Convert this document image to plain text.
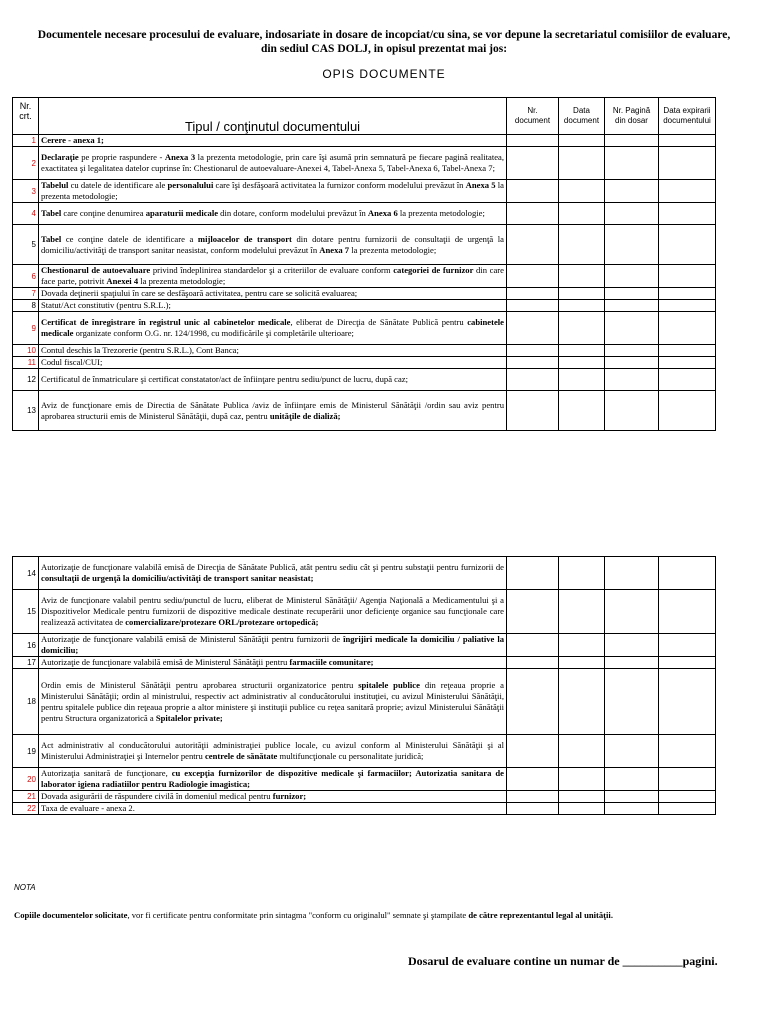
Documentele necesare procesului de evaluare, indosariate in dosare de incopciat/cu sina, se vor depune la secretariatul comisiilor de evaluare, din sediul CAS DOLJ, in opisul prezentat mai jos:
OPIS DOCUMENTE
Nr. crt.	Tipul / conţinutul documentului	Nr. document	Data document	Nr. Pagină din dosar	Data expirarii documentului
1	Cerere - anexa 1;				
2	Declaraţie pe proprie raspundere - Anexa 3 la prezenta metodologie, prin care îşi asumă prin semnatură pe fiecare pagină realitatea, exactitatea şi legalitatea datelor cuprinse în: Chestionarul de autoevaluare-Anexei 4, Tabel-Anexa 5, Tabel-Anexa 6, Tabel-Anexa 7;				
3	Tabelul cu datele de identificare ale personalului care îşi desfăşoară activitatea la furnizor conform modelului prevăzut în Anexa 5 la prezenta metodologie;				
4	Tabel care conţine denumirea aparaturii medicale din dotare, conform modelului prevăzut în Anexa 6 la prezenta metodologie;				
5	Tabel ce conţine datele de identificare a mijloacelor de transport din dotare pentru furnizorii de consultaţii de urgenţă la domiciliu/activităţi de transport sanitar neasistat, conform modelului prevăzut în Anexa 7 la prezenta metodologie;				
6	Chestionarul de autoevaluare privind îndeplinirea standardelor şi a criteriilor de evaluare conform categoriei de furnizor din care face parte, potrivit Anexei 4 la prezenta metodologie;				
7	Dovada deţinerii spaţiului în care se desfăşoară activitatea, pentru care se solicită evaluarea;				
8	Statut/Act constitutiv (pentru S.R.L.);				
9	Certificat de înregistrare în registrul unic al cabinetelor medicale, eliberat de Direcţia de Sănătate Publică pentru cabinetele medicale organizate conform O.G. nr. 124/1998, cu modificările şi completările ulterioare;				
10	Contul deschis la Trezorerie (pentru S.R.L.), Cont Banca;				
11	Codul fiscal/CUI;				
12	Certificatul de înmatriculare şi certificat constatator/act de înfiinţare pentru sediu/punct de lucru, după caz;				
13	Aviz de funcţionare emis de Directia de Sănătate Publica /aviz de înfiinţare emis de Ministerul Sănătăţii /ordin sau aviz pentru aprobarea structurii emis de Ministerul Sănătăţii, după caz, pentru unităţile de dializă;				
14	Autorizaţie de funcţionare valabilă emisă de Direcţia de Sănătate Publică, atât pentru sediu cât şi pentru substaţii pentru furnizorii de consultaţii de urgenţă la domiciliu/activităţi de transport sanitar neasistat;				
15	Aviz de funcţionare valabil pentru sediu/punctul de lucru, eliberat de Ministerul Sănătăţii/ Agenţia Naţională a Medicamentului şi a Dispozitivelor Medicale pentru furnizorii de dispozitive medicale destinate recuperării unor deficienţe organice sau funcţionale care realizează activitatea de comercializare/protezare ORL/protezare ortopedică;				
16	Autorizaţie de funcţionare valabilă emisă de Ministerul Sănătăţii pentru furnizorii de îngrijiri medicale la domiciliu / paliative la domiciliu;				
17	Autorizaţie de funcţionare valabilă emisă de Ministerul Sănătăţii pentru farmaciile comunitare;				
18	Ordin emis de Ministerul Sănătăţii pentru aprobarea structurii organizatorice pentru spitalele publice din reţeaua proprie a Ministerului Sănătăţii; ordin al ministrului, respectiv act administrativ al conducătorului instituţiei, cu avizul Ministerului Sănătăţii, pentru spitalele publice din reţeaua proprie a altor ministere şi instituţii publice cu reţea sanitară proprie; avizul Ministerului Sănătăţii pentru Structura organizatorică a Spitalelor private;				
19	Act administrativ al conducătorului autorităţii administraţiei publice locale, cu avizul conform al Ministerului Sănătăţii şi al Ministerului Administraţiei şi Internelor pentru centrele de sănătate multifuncţionale cu personalitate juridică;				
20	Autorizaţia sanitară de funcţionare, cu excepţia furnizorilor de dispozitive medicale şi farmaciilor; Autorizatia sanitara de laborator igiena radiatiilor pentru Radiologie imagistica;				
21	Dovada asigurării de răspundere civilă în domeniul medical pentru furnizor;				
22	Taxa de evaluare - anexa 2.				
NOTA
Copiile documentelor solicitate, vor fi certificate pentru conformitate prin sintagma "conform cu originalul" semnate şi ştampilate de către reprezentantul legal al unităţii.
Dosarul de evaluare contine un numar de __________pagini.
